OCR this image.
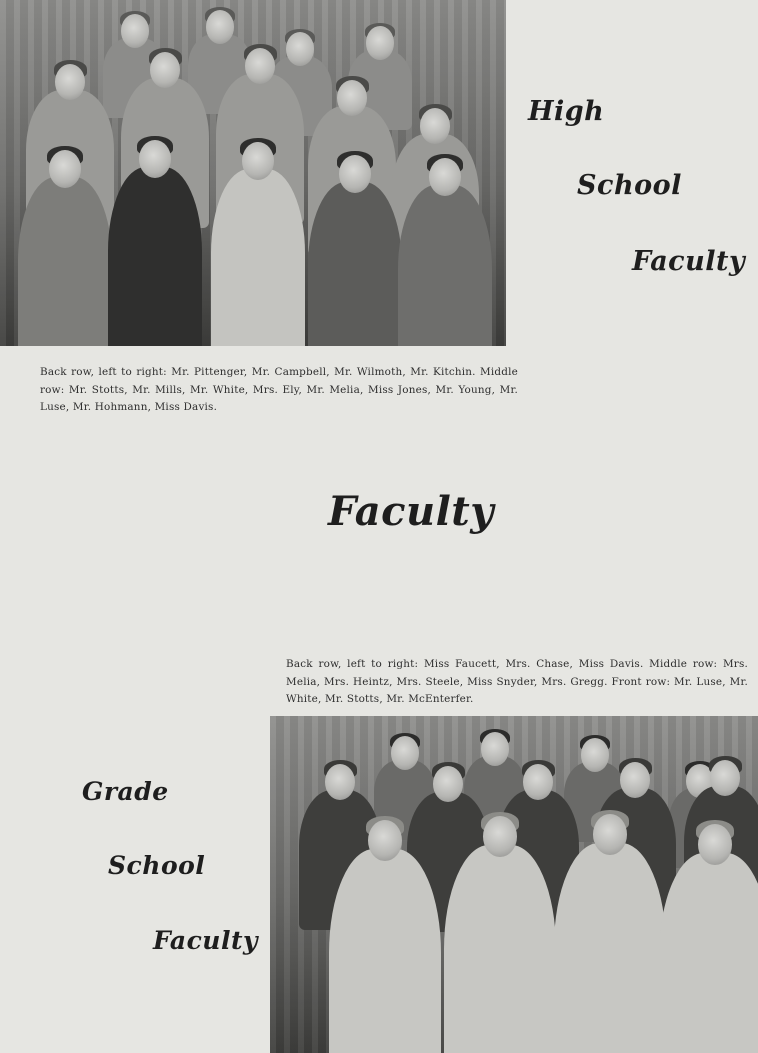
Back row, left to right: Mr. Pittenger, Mr. Campbell, Mr. Wilmoth, Mr. Kitchin. Middle row: Mr. Stotts, Mr. Mills, Mr. White, Mrs. Ely, Mr. Melia, Miss Jones, Mr. Young, Mr. Luse, Mr. Hohmann, Miss Davis.
High
School
Faculty
Faculty
Back row, left to right: Miss Faucett, Mrs. Chase, Miss Davis. Middle row: Mrs. Melia, Mrs. Heintz, Mrs. Steele, Miss Snyder, Mrs. Gregg. Front row: Mr. Luse, Mr. White, Mr. Stotts, Mr. McEnterfer.
Grade
School
Faculty
